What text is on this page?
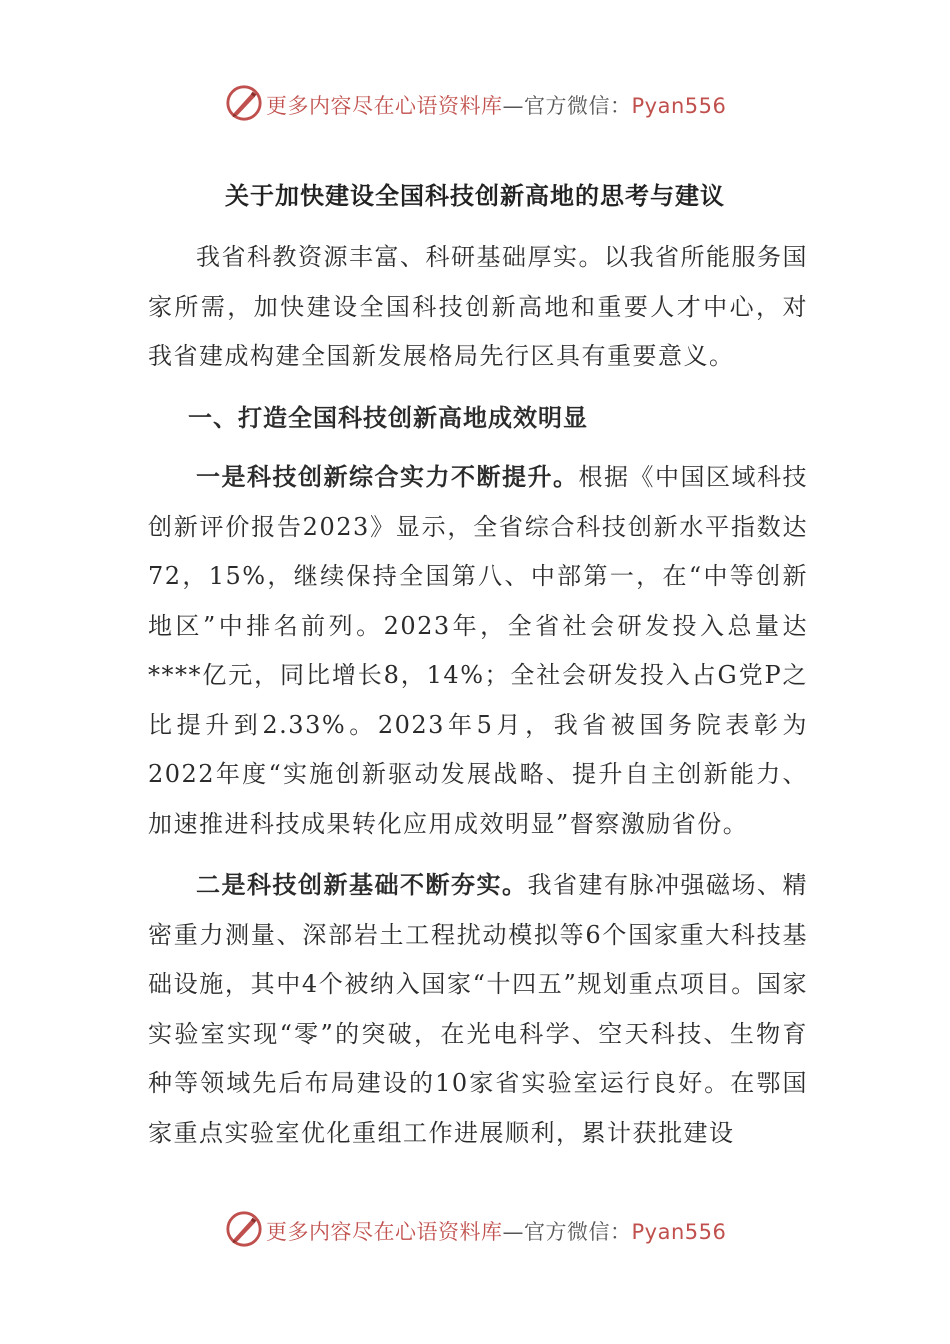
更多内容尽在心语资料库—官方微信：Pyan556
关于加快建设全国科技创新高地的思考与建议

我省科教资源丰富、科研基础厚实。以我省所能服务国家所需，加快建设全国科技创新高地和重要人才中心，对我省建成构建全国新发展格局先行区具有重要意义。

一、打造全国科技创新高地成效明显

一是科技创新综合实力不断提升。根据《中国区域科技创新评价报告2023》显示，全省综合科技创新水平指数达72，15%，继续保持全国第八、中部第一，在“中等创新地区”中排名前列。2023年，全省社会研发投入总量达****亿元，同比增长8，14%；全社会研发投入占G党P之比提升到2.33%。2023年5月，我省被国务院表彰为2022年度“实施创新驱动发展战略、提升自主创新能力、加速推进科技成果转化应用成效明显”督察激励省份。

二是科技创新基础不断夯实。我省建有脉冲强磁场、精密重力测量、深部岩土工程扰动模拟等6个国家重大科技基础设施，其中4个被纳入国家“十四五”规划重点项目。国家实验室实现“零”的突破，在光电科学、空天科技、生物育种等领域先后布局建设的10家省实验室运行良好。在鄂国家重点实验室优化重组工作进展顺利，累计获批建设

更多内容尽在心语资料库—官方微信：Pyan556
